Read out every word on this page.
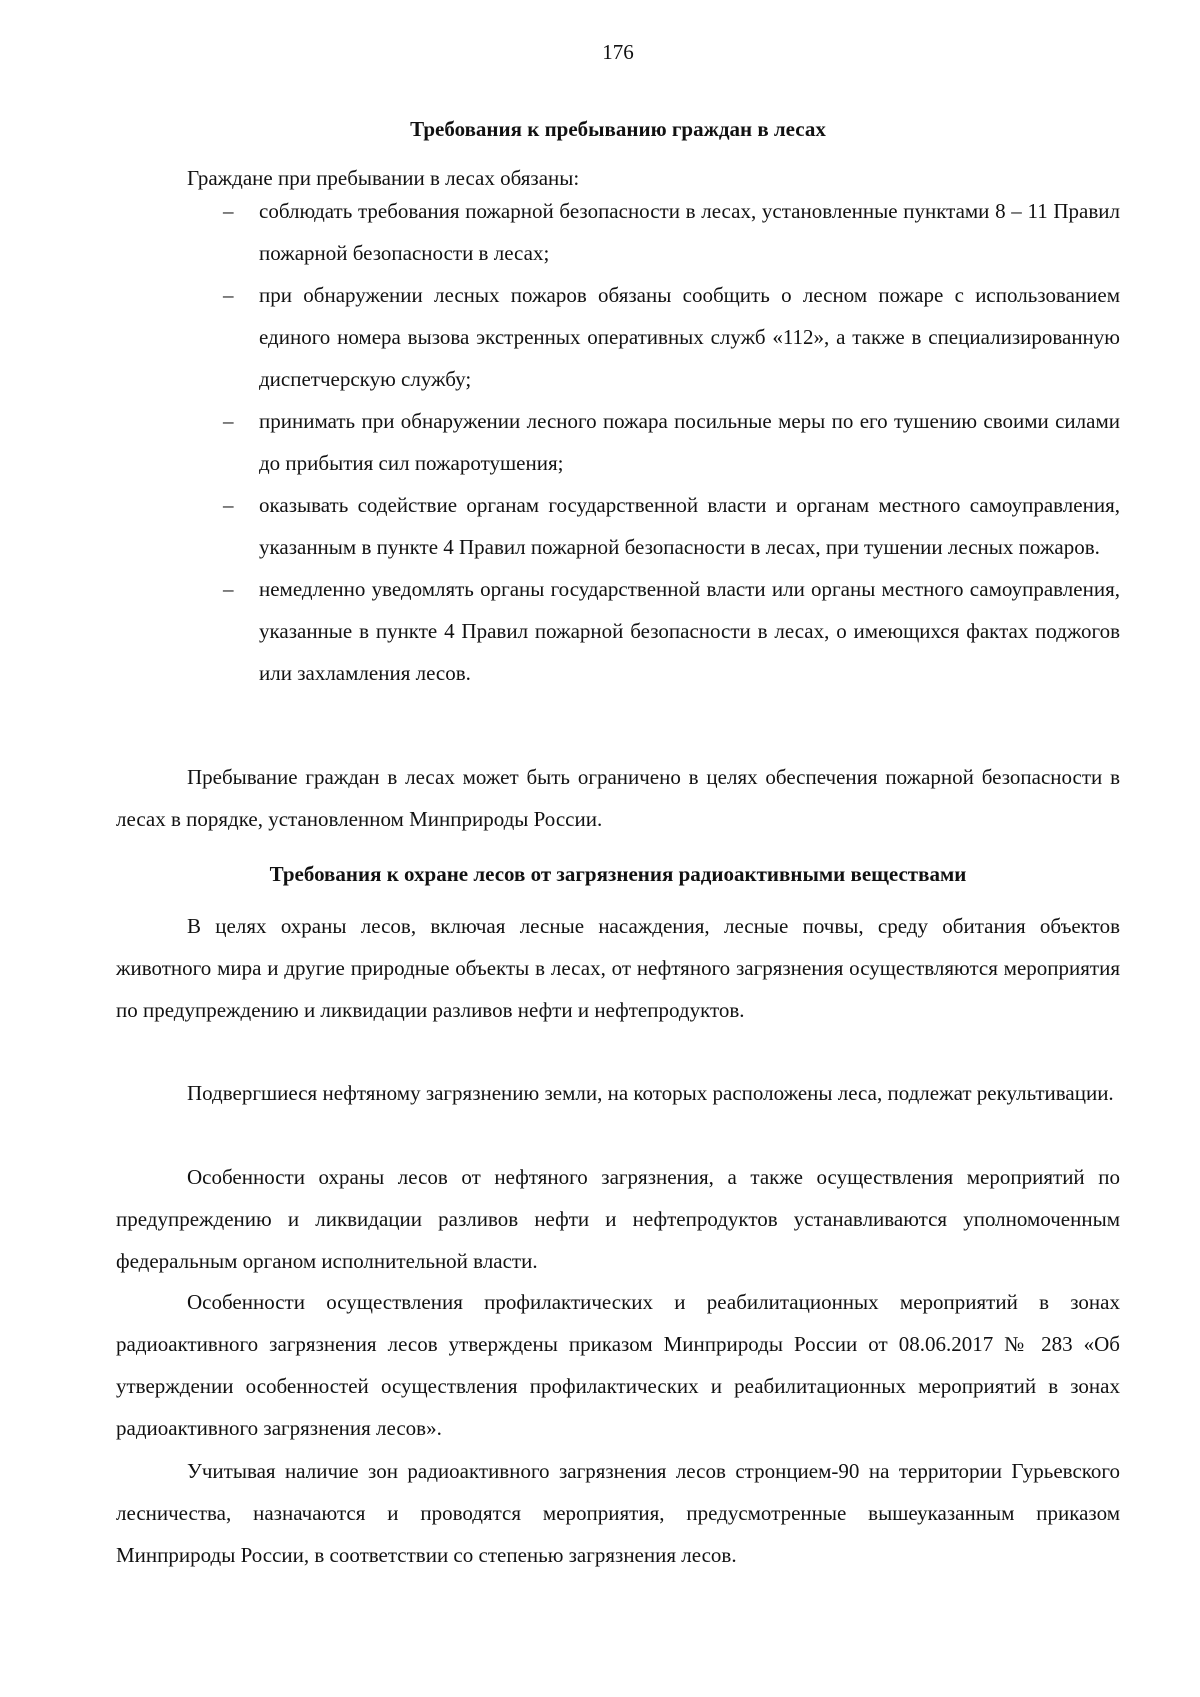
176
Требования к пребыванию граждан в лесах

Граждане при пребывании в лесах обязаны:

– соблюдать требования пожарной безопасности в лесах, установленные пунктами 8 – 11 Правил пожарной безопасности в лесах;
– при обнаружении лесных пожаров обязаны сообщить о лесном пожаре с использованием единого номера вызова экстренных оперативных служб «112», а также в специализированную диспетчерскую службу;
– принимать при обнаружении лесного пожара посильные меры по его тушению своими силами до прибытия сил пожаротушения;
– оказывать содействие органам государственной власти и органам местного самоуправления, указанным в пункте 4 Правил пожарной безопасности в лесах, при тушении лесных пожаров.
– немедленно уведомлять органы государственной власти или органы местного самоуправления, указанные в пункте 4 Правил пожарной безопасности в лесах, о имеющихся фактах поджогов или захламления лесов.

Пребывание граждан в лесах может быть ограничено в целях обеспечения пожарной безопасности в лесах в порядке, установленном Минприроды России.

Требования к охране лесов от загрязнения радиоактивными веществами

В целях охраны лесов, включая лесные насаждения, лесные почвы, среду обитания объектов животного мира и другие природные объекты в лесах, от нефтяного загрязнения осуществляются мероприятия по предупреждению и ликвидации разливов нефти и нефтепродуктов.

Подвергшиеся нефтяному загрязнению земли, на которых расположены леса, подлежат рекультивации.

Особенности охраны лесов от нефтяного загрязнения, а также осуществления мероприятий по предупреждению и ликвидации разливов нефти и нефтепродуктов устанавливаются уполномоченным федеральным органом исполнительной власти.

Особенности осуществления профилактических и реабилитационных мероприятий в зонах радиоактивного загрязнения лесов утверждены приказом Минприроды России от 08.06.2017 № 283 «Об утверждении особенностей осуществления профилактических и реабилитационных мероприятий в зонах радиоактивного загрязнения лесов».

Учитывая наличие зон радиоактивного загрязнения лесов стронцием-90 на территории Гурьевского лесничества, назначаются и проводятся мероприятия, предусмотренные вышеуказанным приказом Минприроды России, в соответствии со степенью загрязнения лесов.
